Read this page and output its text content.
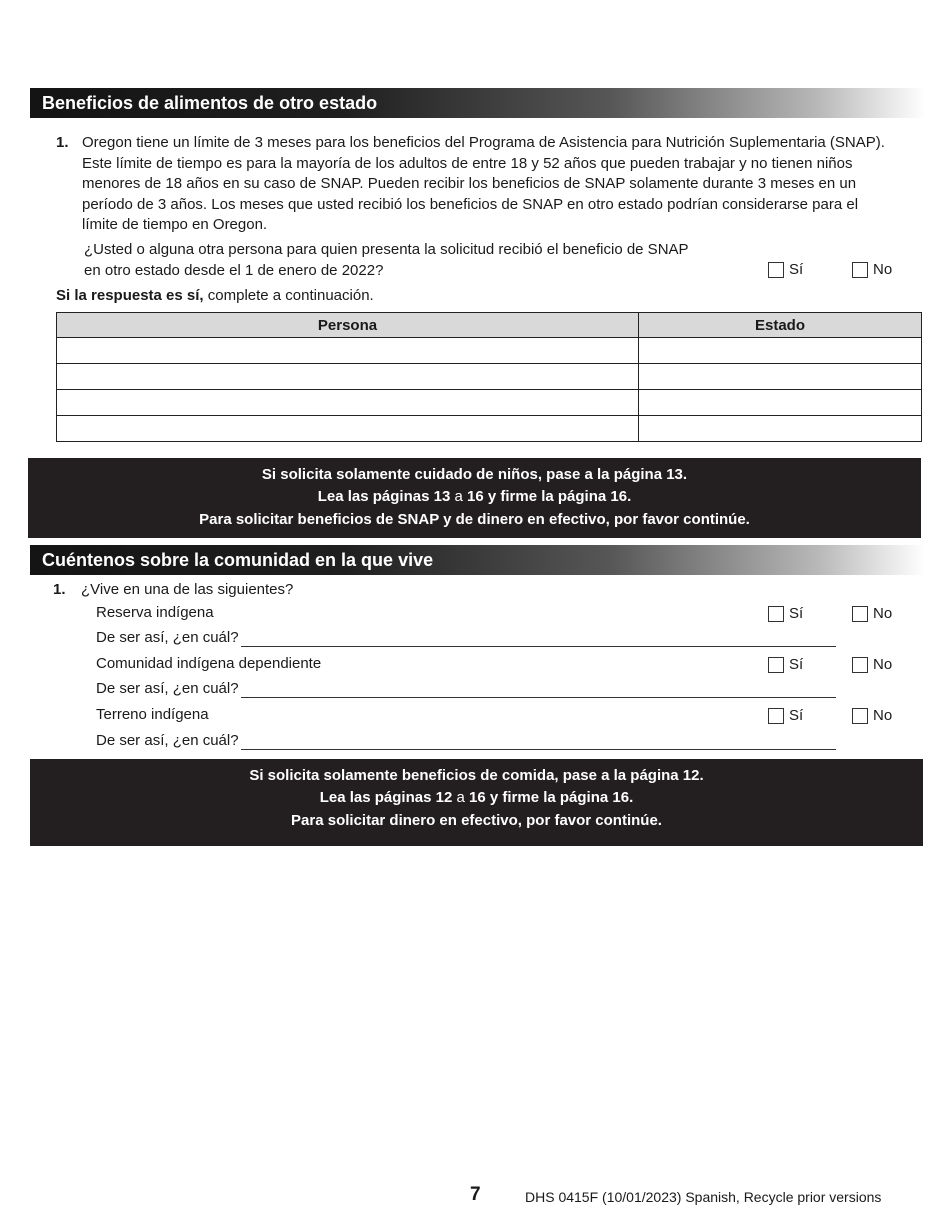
Beneficios de alimentos de otro estado
1. Oregon tiene un límite de 3 meses para los beneficios del Programa de Asistencia para Nutrición Suplementaria (SNAP).
Este límite de tiempo es para la mayoría de los adultos de entre 18 y 52 años que pueden trabajar y no tienen niños
menores de 18 años en su caso de SNAP. Pueden recibir los beneficios de SNAP solamente durante 3 meses en un
período de 3 años. Los meses que usted recibió los beneficios de SNAP en otro estado podrían considerarse para el
límite de tiempo en Oregon.
¿Usted o alguna otra persona para quien presenta la solicitud recibió el beneficio de SNAP
en otro estado desde el 1 de enero de 2022?	Sí	No
Si la respuesta es sí, complete a continuación.
Persona	Estado

Si solicita solamente cuidado de niños, pase a la página 13.
Lea las páginas 13 a 16 y firme la página 16.
Para solicitar beneficios de SNAP y de dinero en efectivo, por favor continúe.
Cuéntenos sobre la comunidad en la que vive
1. ¿Vive en una de las siguientes?
Reserva indígena	Sí	No
De ser así, ¿en cuál?
Comunidad indígena dependiente	Sí	No
De ser así, ¿en cuál?
Terreno indígena	Sí	No
De ser así, ¿en cuál?
Si solicita solamente beneficios de comida, pase a la página 12.
Lea las páginas 12 a 16 y firme la página 16.
Para solicitar dinero en efectivo, por favor continúe.
7	DHS 0415F (10/01/2023) Spanish, Recycle prior versions
